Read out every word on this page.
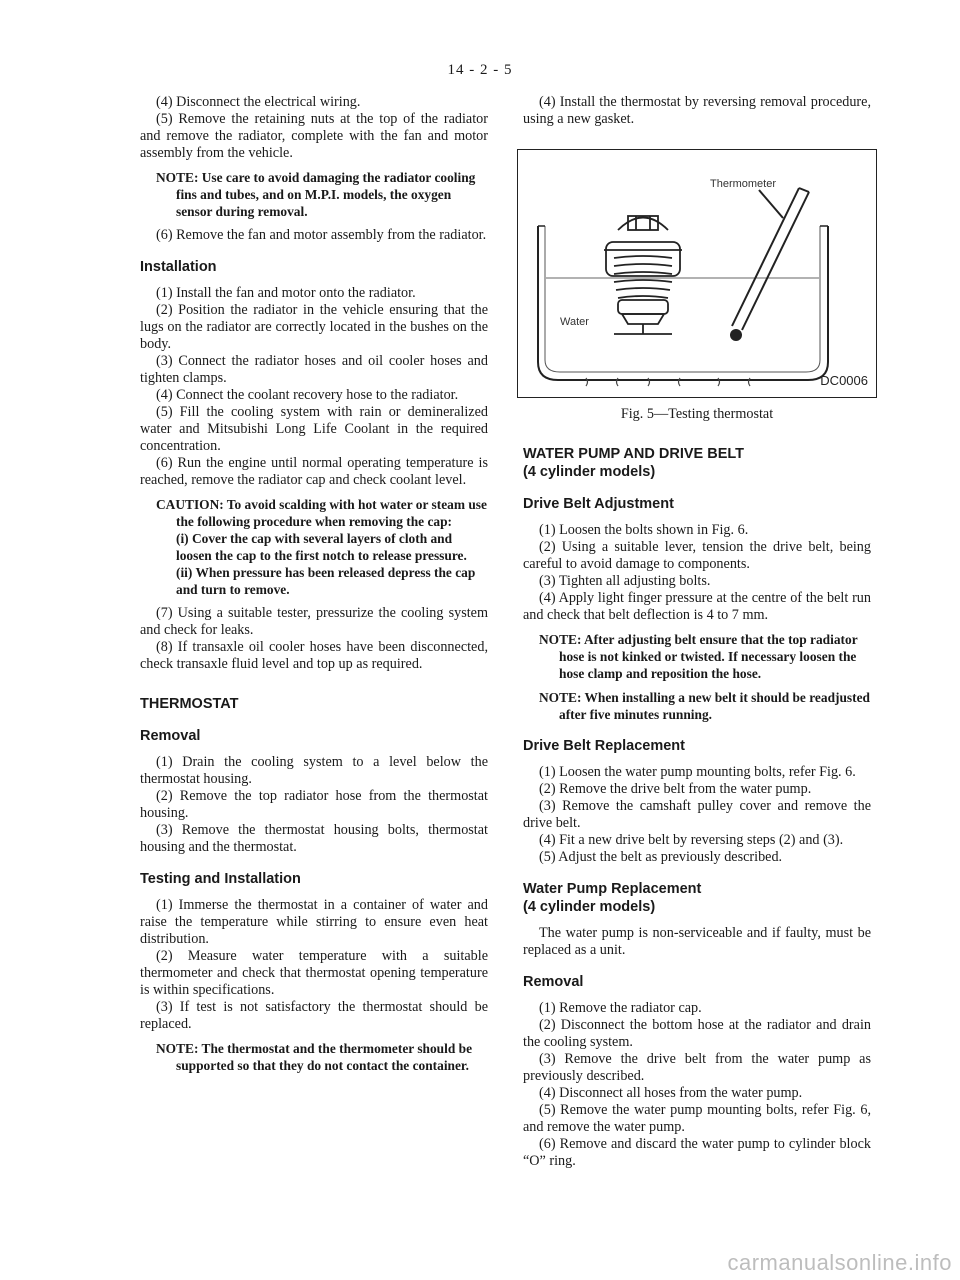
14 - 2 - 5

(4) Disconnect the electrical wiring.

(5) Remove the retaining nuts at the top of the radiator and remove the radiator, complete with the fan and motor assembly from the vehicle.

NOTE: Use care to avoid damaging the radiator cooling fins and tubes, and on M.P.I. models, the oxygen sensor during removal.

(6) Remove the fan and motor assembly from the radiator.

Installation

(1) Install the fan and motor onto the radiator.

(2) Position the radiator in the vehicle ensuring that the lugs on the radiator are correctly located in the bushes on the body.

(3) Connect the radiator hoses and oil cooler hoses and tighten clamps.

(4) Connect the coolant recovery hose to the radiator.

(5) Fill the cooling system with rain or demineralized water and Mitsubishi Long Life Coolant in the required concentration.

(6) Run the engine until normal operating temperature is reached, remove the radiator cap and check coolant level.

CAUTION: To avoid scalding with hot water or steam use the following procedure when removing the cap:
(i) Cover the cap with several layers of cloth and loosen the cap to the first notch to release pressure.
(ii) When pressure has been released depress the cap and turn to remove.

(7) Using a suitable tester, pressurize the cooling system and check for leaks.

(8) If transaxle oil cooler hoses have been disconnected, check transaxle fluid level and top up as required.

THERMOSTAT
Removal

(1) Drain the cooling system to a level below the thermostat housing.

(2) Remove the top radiator hose from the thermostat housing.

(3) Remove the thermostat housing bolts, thermostat housing and the thermostat.

Testing and Installation

(1) Immerse the thermostat in a container of water and raise the temperature while stirring to ensure even heat distribution.

(2) Measure water temperature with a suitable thermometer and check that thermostat opening temperature is within specifications.

(3) If test is not satisfactory the thermostat should be replaced.

NOTE: The thermostat and the thermometer should be supported so that they do not contact the container.

(4) Install the thermostat by reversing removal procedure, using a new gasket.

Thermometer
Water
DC0006

Fig. 5—Testing thermostat

WATER PUMP AND DRIVE BELT
(4 cylinder models)
Drive Belt Adjustment

(1) Loosen the bolts shown in Fig. 6.

(2) Using a suitable lever, tension the drive belt, being careful to avoid damage to components.

(3) Tighten all adjusting bolts.

(4) Apply light finger pressure at the centre of the belt run and check that belt deflection is 4 to 7 mm.

NOTE: After adjusting belt ensure that the top radiator hose is not kinked or twisted. If necessary loosen the hose clamp and reposition the hose.

NOTE: When installing a new belt it should be readjusted after five minutes running.

Drive Belt Replacement

(1) Loosen the water pump mounting bolts, refer Fig. 6.

(2) Remove the drive belt from the water pump.

(3) Remove the camshaft pulley cover and remove the drive belt.

(4) Fit a new drive belt by reversing steps (2) and (3).

(5) Adjust the belt as previously described.

Water Pump Replacement
(4 cylinder models)

The water pump is non-serviceable and if faulty, must be replaced as a unit.

Removal

(1) Remove the radiator cap.

(2) Disconnect the bottom hose at the radiator and drain the cooling system.

(3) Remove the drive belt from the water pump as previously described.

(4) Disconnect all hoses from the water pump.

(5) Remove the water pump mounting bolts, refer Fig. 6, and remove the water pump.

(6) Remove and discard the water pump to cylinder block “O” ring.

carmanualsonline.info
